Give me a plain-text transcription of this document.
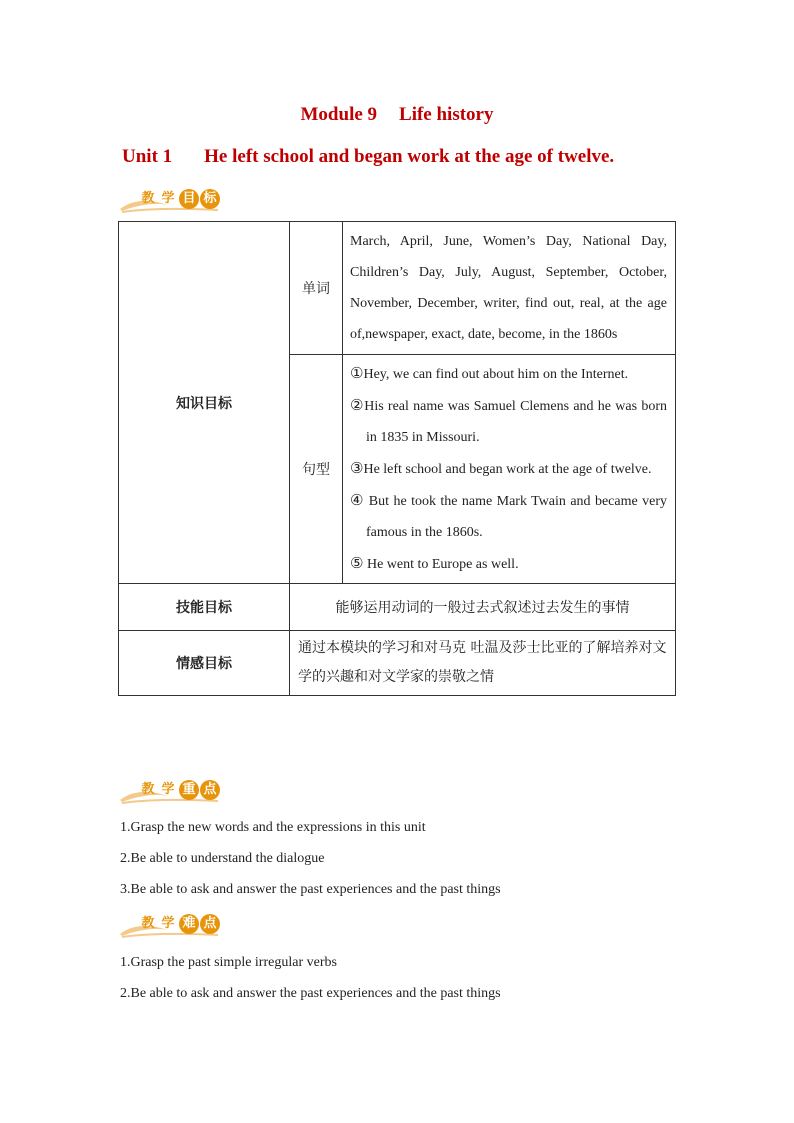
Module 9 Life history
Unit 1 He left school and began work at the age of twelve.
教 学 目 标
知识目标	单词	March, April, June, Women’s Day, National Day, Children’s Day, July, August, September, October, November, December, writer, find out, real, at the age of,newspaper, exact, date, become, in the 1860s
	句型	①Hey, we can find out about him on the Internet.

②His real name was Samuel Clemens and he was born in 1835 in Missouri.

③He left school and began work at the age of twelve.

④ But he took the name Mark Twain and became very famous in the 1860s.

⑤ He went to Europe as well.

技能目标	能够运用动词的一般过去式叙述过去发生的事情	
情感目标	通过本模块的学习和对马克 吐温及莎士比亚的了解培养对文学的兴趣和对文学家的崇敬之情	
教 学 重 点

1.Grasp the new words and the expressions in this unit

2.Be able to understand the dialogue

3.Be able to ask and answer the past experiences and the past things

教 学 难 点

1.Grasp the past simple irregular verbs

2.Be able to ask and answer the past experiences and the past things
